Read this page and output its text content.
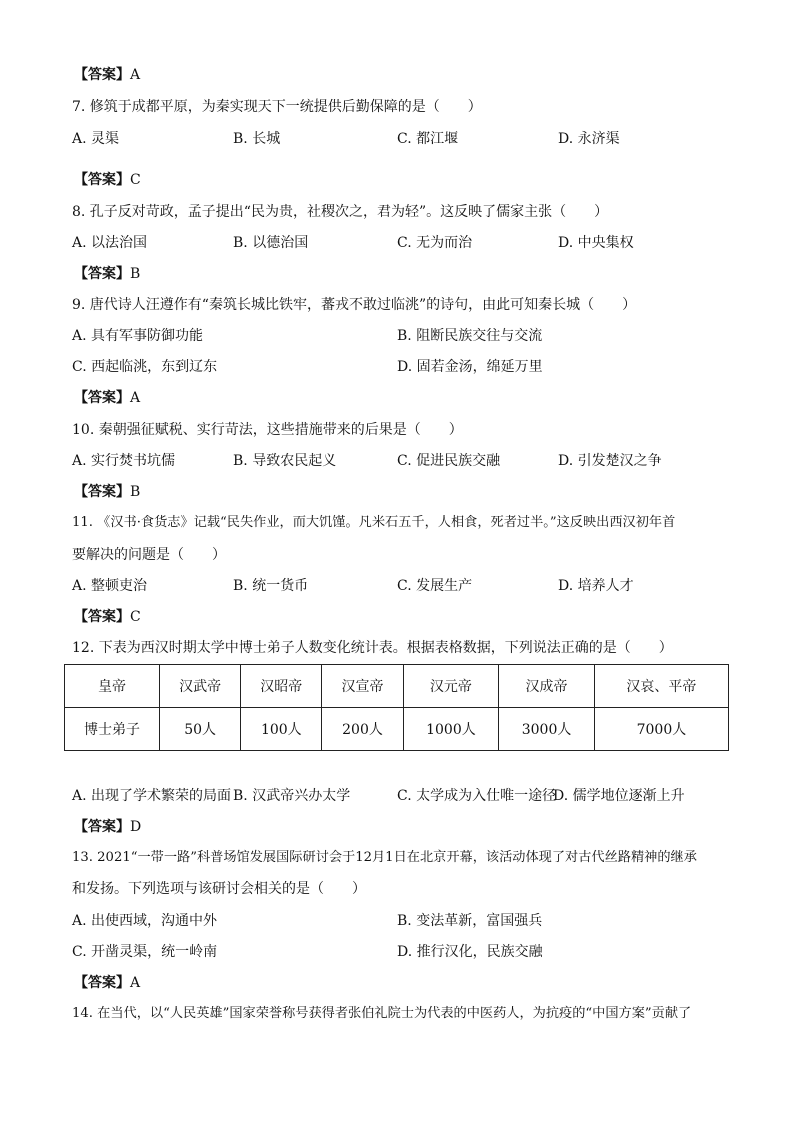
【答案】A
7. 修筑于成都平原，为秦实现天下一统提供后勤保障的是（　　）
A. 灵渠	B. 长城	C. 都江堰	D. 永济渠
【答案】C
8. 孔子反对苛政，孟子提出“民为贵，社稷次之，君为轻”。这反映了儒家主张（　　）
A. 以法治国	B. 以德治国	C. 无为而治	D. 中央集权
【答案】B
9. 唐代诗人汪遵作有“秦筑长城比铁牢，蕃戎不敢过临洮”的诗句，由此可知秦长城（　　）
A. 具有军事防御功能	B. 阻断民族交往与交流
C. 西起临洮，东到辽东	D. 固若金汤，绵延万里
【答案】A
10. 秦朝强征赋税、实行苛法，这些措施带来的后果是（　　）
A. 实行焚书坑儒	B. 导致农民起义	C. 促进民族交融	D. 引发楚汉之争
【答案】B
11. 《汉书·食货志》记载“民失作业，而大饥馑。凡米石五千，人相食，死者过半。”这反映出西汉初年首
要解决的问题是（　　）
A. 整顿吏治	B. 统一货币	C. 发展生产	D. 培养人才
【答案】C
12. 下表为西汉时期太学中博士弟子人数变化统计表。根据表格数据，下列说法正确的是（　　）
皇帝	汉武帝	汉昭帝	汉宣帝	汉元帝	汉成帝	汉哀、平帝
博士弟子	50人	100人	200人	1000人	3000人	7000人
A. 出现了学术繁荣的局面 B. 汉武帝兴办太学	C. 太学成为入仕唯一途径
D. 儒学地位逐渐上升
【答案】D
13. 2021“一带一路”科普场馆发展国际研讨会于12月1日在北京开幕，该活动体现了对古代丝路精神的继承
和发扬。下列选项与该研讨会相关的是（　　）
A. 出使西域，沟通中外	B. 变法革新，富国强兵
C. 开凿灵渠，统一岭南	D. 推行汉化，民族交融
【答案】A
14. 在当代，以“人民英雄”国家荣誉称号获得者张伯礼院士为代表的中医药人，为抗疫的“中国方案”贡献了
